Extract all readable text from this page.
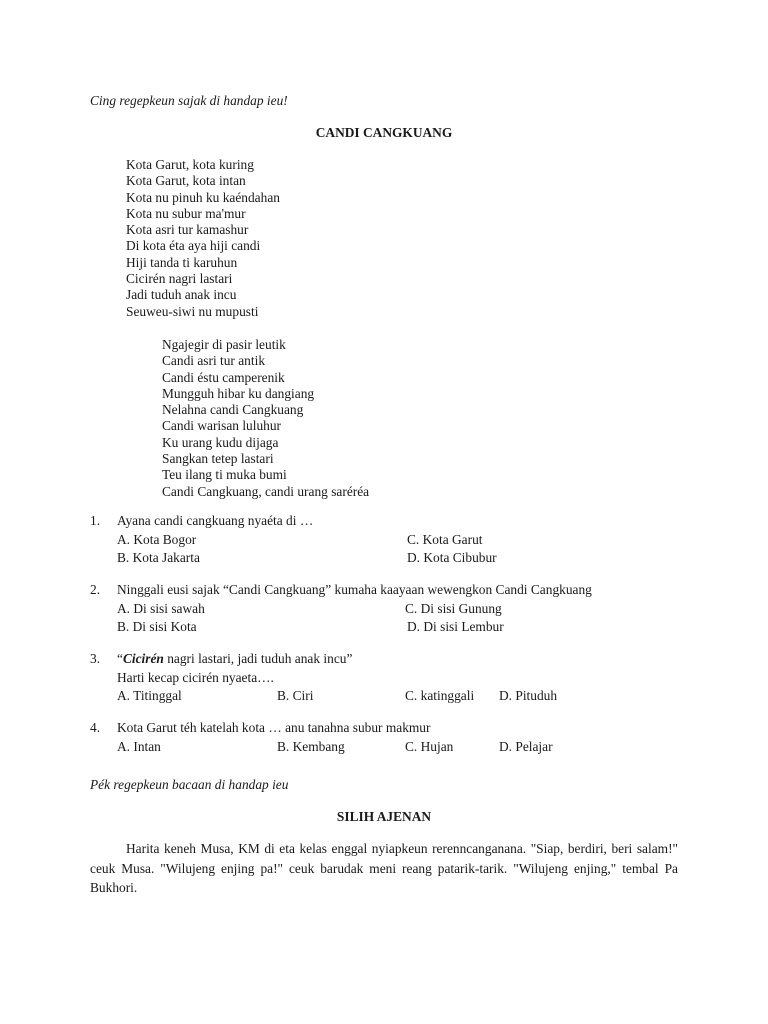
Cing regepkeun sajak di handap ieu!
CANDI CANGKUANG
Kota Garut, kota kuring
Kota Garut, kota intan
Kota nu pinuh ku kaéndahan
Kota nu subur ma'mur
Kota asri tur kamashur
Di kota éta aya hiji candi
Hiji tanda ti karuhun
Cicirén nagri lastari
Jadi tuduh anak incu
Seuweu-siwi nu mupusti
Ngajegir di pasir leutik
Candi asri tur antik
Candi éstu camperenik
Mungguh hibar ku dangiang
Nelahna candi Cangkuang
Candi warisan luluhur
Ku urang kudu dijaga
Sangkan tetep lastari
Teu ilang ti muka bumi
Candi Cangkuang, candi urang saréréa
1. Ayana candi cangkuang nyaéta di …
A. Kota Bogor	C. Kota Garut
B. Kota Jakarta	D. Kota Cibubur
2. Ninggali eusi sajak “Candi Cangkuang” kumaha kaayaan wewengkon Candi Cangkuang
A. Di sisi sawah	C. Di sisi Gunung
B. Di sisi Kota	D. Di sisi Lembur
3. “Cicirén nagri lastari, jadi tuduh anak incu”
Harti kecap cicirén nyaeta….
A. Titinggal	B. Ciri	C. katinggali D. Pituduh
4. Kota Garut téh katelah kota … anu tanahna subur makmur
A. Intan	B. Kembang	C. Hujan	D. Pelajar
Pék regepkeun bacaan di handap ieu
SILIH AJENAN
Harita keneh Musa, KM di eta kelas enggal nyiapkeun rerenncanganana. "Siap, berdiri, beri salam!" ceuk Musa. "Wilujeng enjing pa!" ceuk barudak meni reang patarik-tarik. "Wilujeng enjing," tembal Pa Bukhori.
